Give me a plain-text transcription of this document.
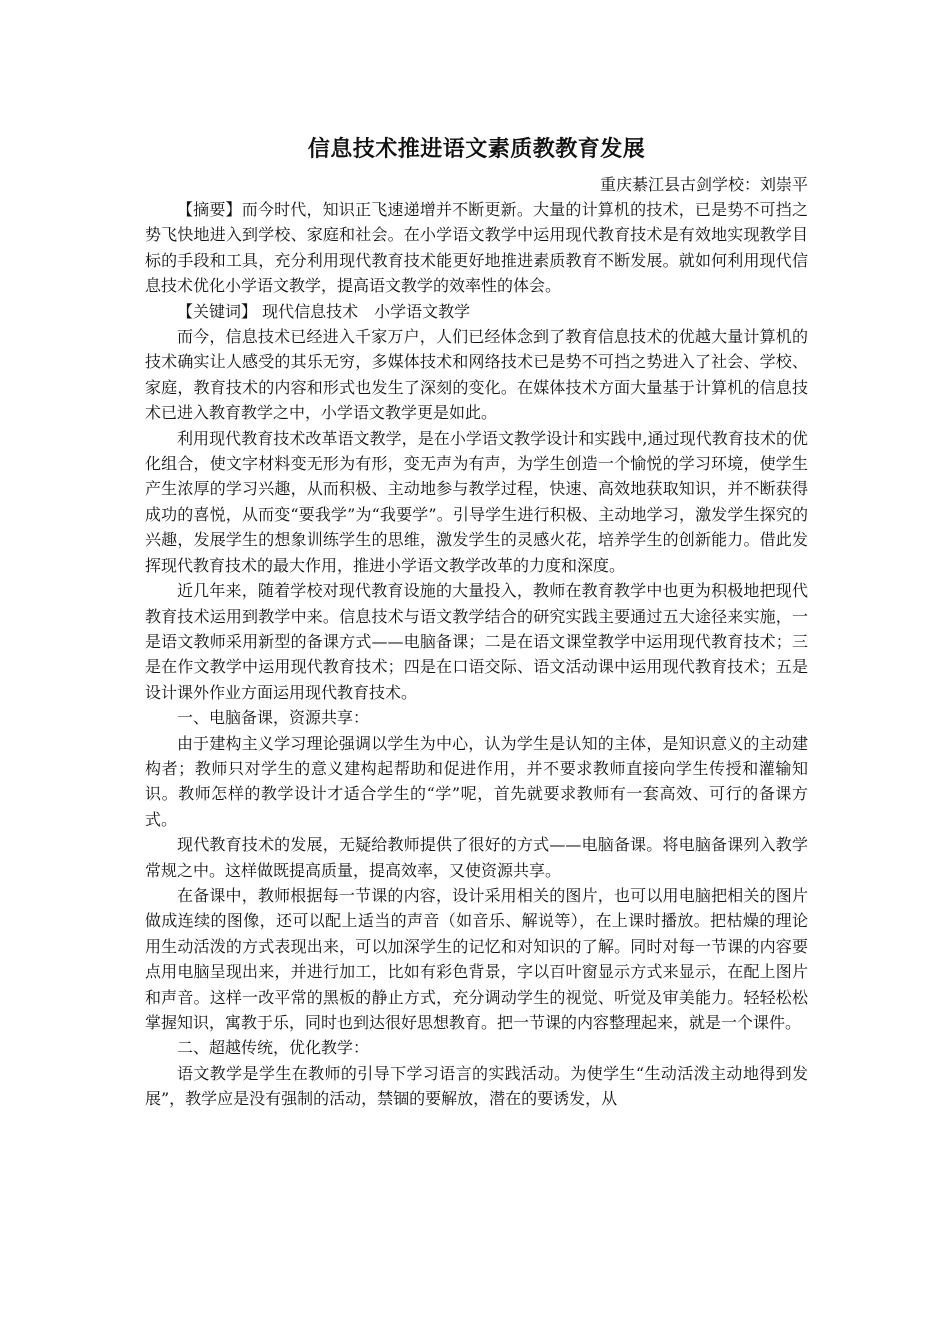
信息技术推进语文素质教教育发展

重庆綦江县古剑学校：刘崇平

【摘要】而今时代，知识正飞速递增并不断更新。大量的计算机的技术，已是势不可挡之势飞快地进入到学校、家庭和社会。在小学语文教学中运用现代教育技术是有效地实现教学目标的手段和工具，充分利用现代教育技术能更好地推进素质教育不断发展。就如何利用现代信息技术优化小学语文教学，提高语文教学的效率性的体会。

【关键词】 现代信息技术　小学语文教学

而今，信息技术已经进入千家万户，人们已经体念到了教育信息技术的优越大量计算机的技术确实让人感受的其乐无穷，多媒体技术和网络技术已是势不可挡之势进入了社会、学校、家庭，教育技术的内容和形式也发生了深刻的变化。在媒体技术方面大量基于计算机的信息技术已进入教育教学之中，小学语文教学更是如此。

利用现代教育技术改革语文教学，是在小学语文教学设计和实践中,通过现代教育技术的优化组合，使文字材料变无形为有形，变无声为有声，为学生创造一个愉悦的学习环境，使学生产生浓厚的学习兴趣，从而积极、主动地参与教学过程，快速、高效地获取知识，并不断获得成功的喜悦，从而变“要我学”为“我要学”。引导学生进行积极、主动地学习，激发学生探究的兴趣，发展学生的想象训练学生的思维，激发学生的灵感火花，培养学生的创新能力。借此发挥现代教育技术的最大作用，推进小学语文教学改革的力度和深度。

近几年来，随着学校对现代教育设施的大量投入，教师在教育教学中也更为积极地把现代教育技术运用到教学中来。信息技术与语文教学结合的研究实践主要通过五大途径来实施，一是语文教师采用新型的备课方式——电脑备课；二是在语文课堂教学中运用现代教育技术；三是在作文教学中运用现代教育技术；四是在口语交际、语文活动课中运用现代教育技术；五是设计课外作业方面运用现代教育技术。

一、电脑备课，资源共享：

由于建构主义学习理论强调以学生为中心，认为学生是认知的主体，是知识意义的主动建构者；教师只对学生的意义建构起帮助和促进作用，并不要求教师直接向学生传授和灌输知识。教师怎样的教学设计才适合学生的“学”呢，首先就要求教师有一套高效、可行的备课方式。

现代教育技术的发展，无疑给教师提供了很好的方式——电脑备课。将电脑备课列入教学常规之中。这样做既提高质量，提高效率，又使资源共享。

在备课中，教师根据每一节课的内容，设计采用相关的图片，也可以用电脑把相关的图片做成连续的图像，还可以配上适当的声音（如音乐、解说等），在上课时播放。把枯燥的理论用生动活泼的方式表现出来，可以加深学生的记忆和对知识的了解。同时对每一节课的内容要点用电脑呈现出来，并进行加工，比如有彩色背景，字以百叶窗显示方式来显示，在配上图片和声音。这样一改平常的黑板的静止方式，充分调动学生的视觉、听觉及审美能力。轻轻松松掌握知识，寓教于乐，同时也到达很好思想教育。把一节课的内容整理起来，就是一个课件。

二、超越传统，优化教学：

语文教学是学生在教师的引导下学习语言的实践活动。为使学生“生动活泼主动地得到发展”，教学应是没有强制的活动，禁锢的要解放，潜在的要诱发，从
